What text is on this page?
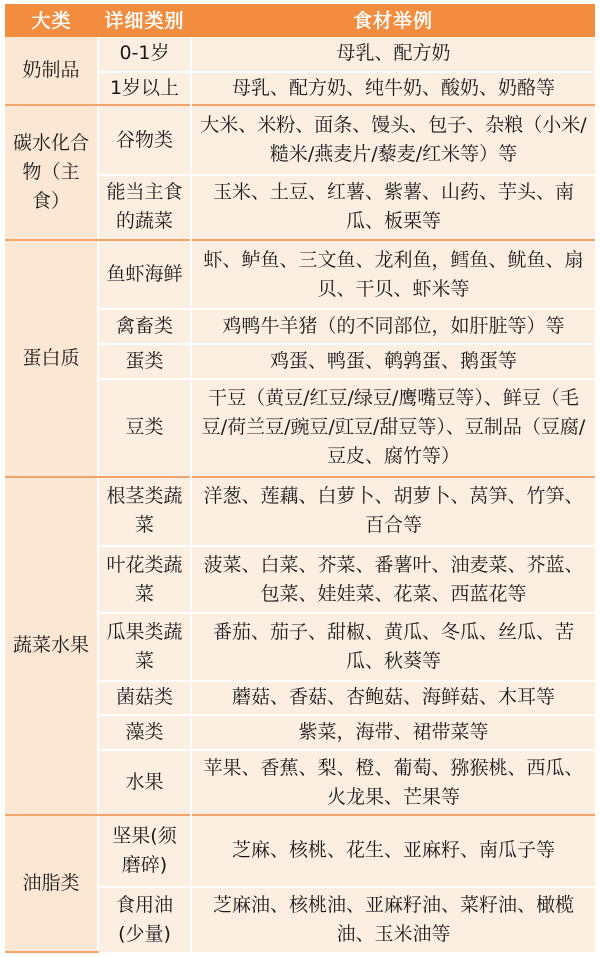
大类	详细类别	食材举例
奶制品	0-1岁	母乳、配方奶
	1岁以上	母乳、配方奶、纯牛奶、酸奶、奶酪等
碳水化合物（主食）	谷物类	大米、米粉、面条、馒头、包子、杂粮（小米/糙米/燕麦片/藜麦/红米等）等
	能当主食的蔬菜	玉米、土豆、红薯、紫薯、山药、芋头、南瓜、板栗等
蛋白质	鱼虾海鲜	虾、鲈鱼、三文鱼、龙利鱼，鳕鱼、鱿鱼、扇贝、干贝、虾米等
	禽畜类	鸡鸭牛羊猪（的不同部位，如肝脏等）等
	蛋类	鸡蛋、鸭蛋、鹌鹑蛋、鹅蛋等
	豆类	干豆（黄豆/红豆/绿豆/鹰嘴豆等）、鲜豆（毛豆/荷兰豆/豌豆/豇豆/甜豆等）、豆制品（豆腐/豆皮、腐竹等）
蔬菜水果	根茎类蔬菜	洋葱、莲藕、白萝卜、胡萝卜、莴笋、竹笋、百合等
	叶花类蔬菜	菠菜、白菜、芥菜、番薯叶、油麦菜、芥蓝、包菜、娃娃菜、花菜、西蓝花等
	瓜果类蔬菜	番茄、茄子、甜椒、黄瓜、冬瓜、丝瓜、苦瓜、秋葵等
	菌菇类	蘑菇、香菇、杏鲍菇、海鲜菇、木耳等
	藻类	紫菜，海带、裙带菜等
	水果	苹果、香蕉、梨、橙、葡萄、猕猴桃、西瓜、火龙果、芒果等
油脂类	坚果(须磨碎)	芝麻、核桃、花生、亚麻籽、南瓜子等
	食用油(少量)	芝麻油、核桃油、亚麻籽油、菜籽油、橄榄油、玉米油等
